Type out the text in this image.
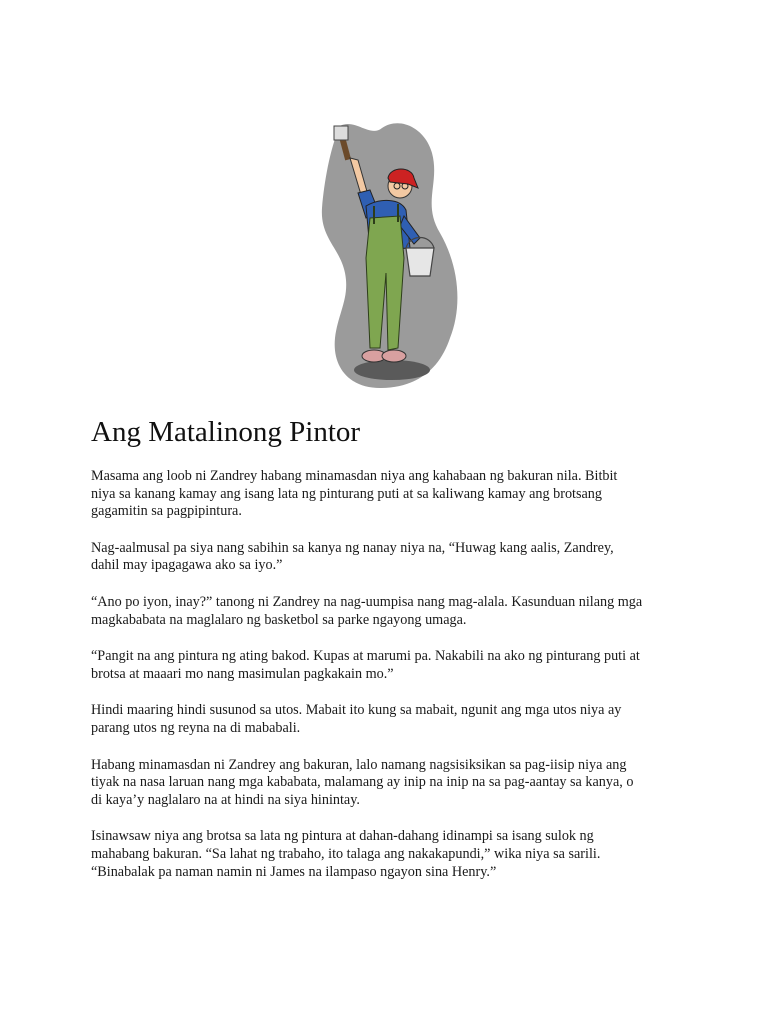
Ang Matalinong Pintor

Masama ang loob ni Zandrey habang minamasdan niya ang kahabaan ng bakuran nila. Bitbit
niya sa kanang kamay ang isang lata ng pinturang puti at sa kaliwang kamay ang brotsang
gagamitin sa pagpipintura.

Nag-aalmusal pa siya nang sabihin sa kanya ng nanay niya na, “Huwag kang aalis, Zandrey,
dahil may ipagagawa ako sa iyo.”

“Ano po iyon, inay?” tanong ni Zandrey na nag-uumpisa nang mag-alala. Kasunduan nilang mga
magkababata na maglalaro ng basketbol sa parke ngayong umaga.

“Pangit na ang pintura ng ating bakod. Kupas at marumi pa. Nakabili na ako ng pinturang puti at
brotsa at maaari mo nang masimulan pagkakain mo.”

Hindi maaring hindi susunod sa utos. Mabait ito kung sa mabait, ngunit ang mga utos niya ay
parang utos ng reyna na di mababali.

Habang minamasdan ni Zandrey ang bakuran, lalo namang nagsisiksikan sa pag-iisip niya ang
tiyak na nasa laruan nang mga kababata, malamang ay inip na inip na sa pag-aantay sa kanya, o
di kaya’y naglalaro na at hindi na siya hinintay.

Isinawsaw niya ang brotsa sa lata ng pintura at dahan-dahang idinampi sa isang sulok ng
mahabang bakuran. “Sa lahat ng trabaho, ito talaga ang nakakapundi,” wika niya sa sarili.
“Binabalak pa naman namin ni James na ilampaso ngayon sina Henry.”
